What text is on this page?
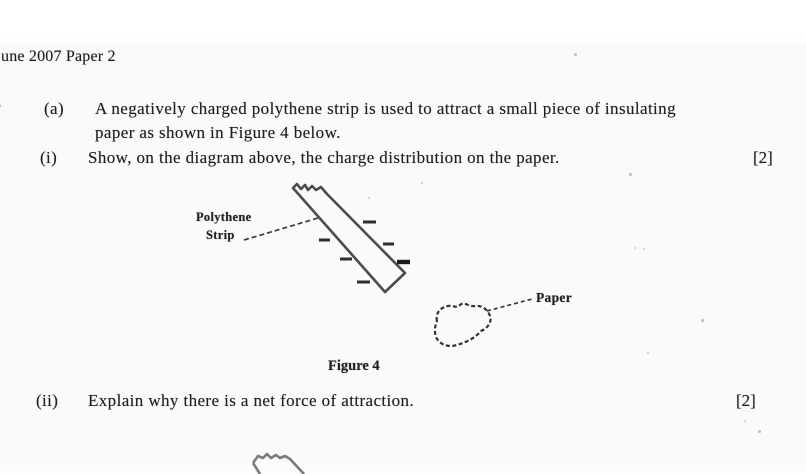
une 2007 Paper 2
(a) A negatively charged polythene strip is used to attract a small piece of insulating
paper as shown in Figure 4 below.
(i) Show, on the diagram above, the charge distribution on the paper.	[2]
Polythene
Strip
Paper
Figure 4
(ii) Explain why there is a net force of attraction.	[2]
